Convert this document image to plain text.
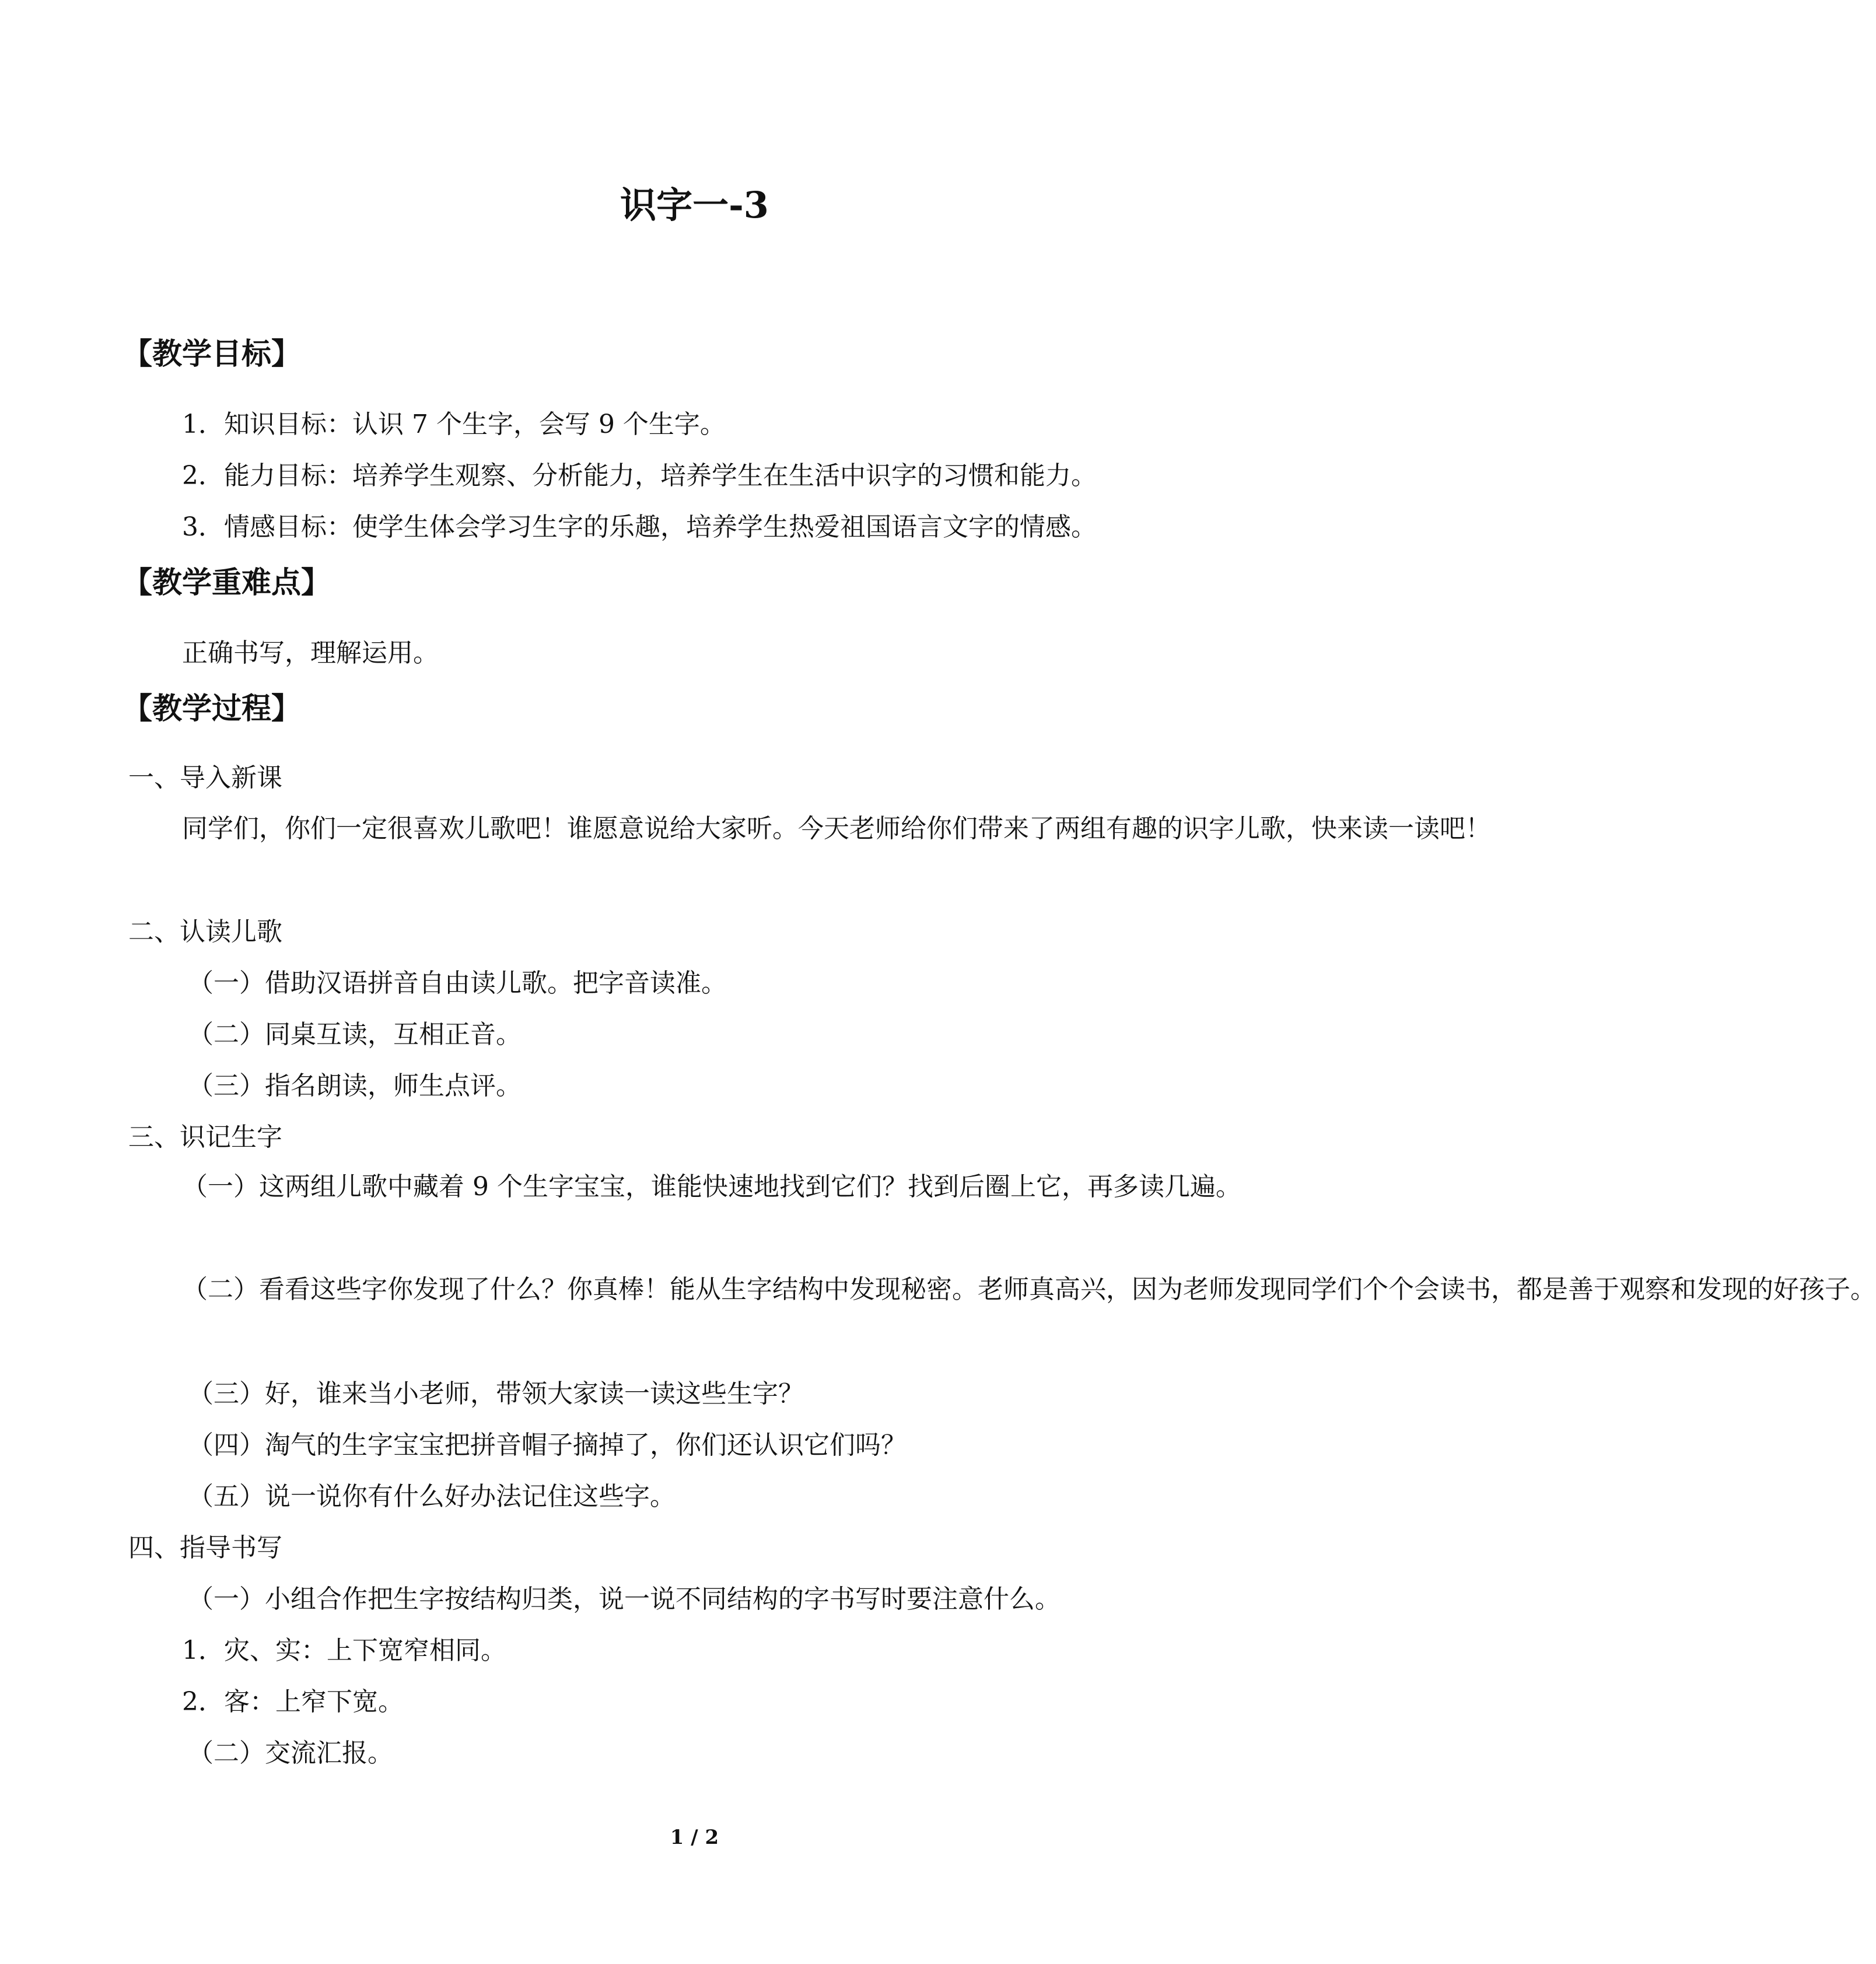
识字一-3
【教学目标】
1．知识目标：认识 7 个生字，会写 9 个生字。
2．能力目标：培养学生观察、分析能力，培养学生在生活中识字的习惯和能力。
3．情感目标：使学生体会学习生字的乐趣，培养学生热爱祖国语言文字的情感。
【教学重难点】
正确书写，理解运用。
【教学过程】
一、导入新课
同学们，你们一定很喜欢儿歌吧！谁愿意说给大家听。今天老师给你们带来了两组有趣的识字儿歌，快来读一读吧！
二、认读儿歌
（一）借助汉语拼音自由读儿歌。把字音读准。
（二）同桌互读，互相正音。
（三）指名朗读，师生点评。
三、识记生字
（一）这两组儿歌中藏着 9 个生字宝宝，谁能快速地找到它们？找到后圈上它，再多读几遍。
（二）看看这些字你发现了什么？你真棒！能从生字结构中发现秘密。老师真高兴，因为老师发现同学们个个会读书，都是善于观察和发现的好孩子。
（三）好，谁来当小老师，带领大家读一读这些生字？
（四）淘气的生字宝宝把拼音帽子摘掉了，你们还认识它们吗？
（五）说一说你有什么好办法记住这些字。
四、指导书写
（一）小组合作把生字按结构归类，说一说不同结构的字书写时要注意什么。
1．灾、实：上下宽窄相同。
2．客：上窄下宽。
（二）交流汇报。
1 / 2
